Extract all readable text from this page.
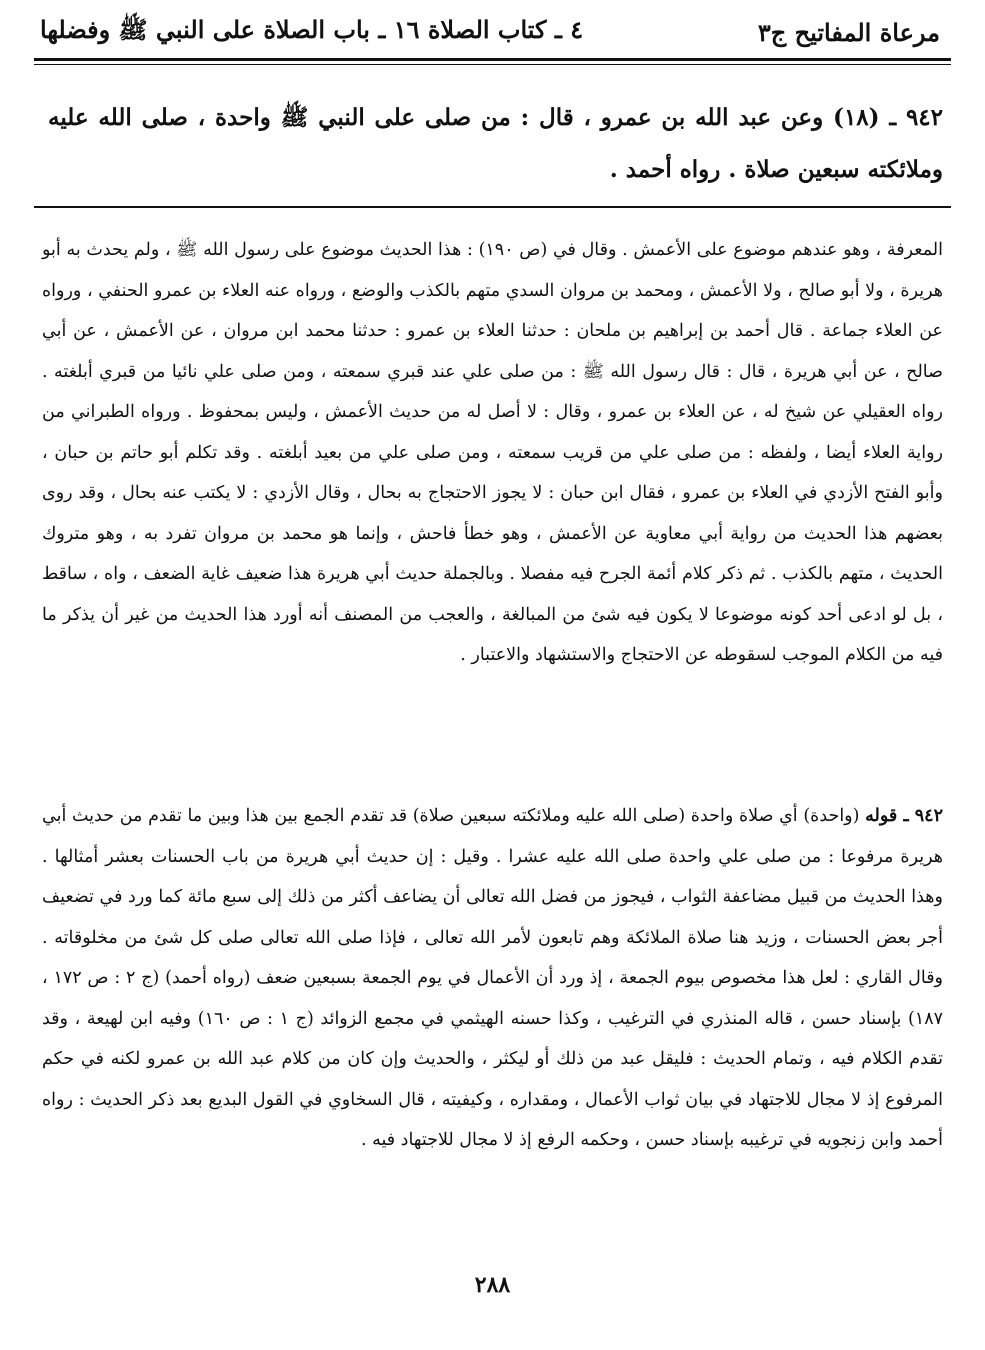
مرعاة المفاتيح ج٣
٤ ـ كتاب الصلاة ١٦ ـ باب الصلاة على النبي ﷺ وفضلها
٩٤٢ ـ (١٨) وعن عبد الله بن عمرو ، قال : من صلى على النبي ﷺ واحدة ، صلى الله عليه وملائكته سبعين صلاة . رواه أحمد .
المعرفة ، وهو عندهم موضوع على الأعمش . وقال في (ص ١٩٠) : هذا الحديث موضوع على رسول الله ﷺ ، ولم يحدث به أبو هريرة ، ولا أبو صالح ، ولا الأعمش ، ومحمد بن مروان السدي متهم بالكذب والوضع ، ورواه عنه العلاء بن عمرو الحنفي ، ورواه عن العلاء جماعة . قال أحمد بن إبراهيم بن ملحان : حدثنا العلاء بن عمرو : حدثنا محمد ابن مروان ، عن الأعمش ، عن أبي صالح ، عن أبي هريرة ، قال : قال رسول الله ﷺ : من صلى علي عند قبري سمعته ، ومن صلى علي نائيا من قبري أبلغته . رواه العقيلي عن شيخ له ، عن العلاء بن عمرو ، وقال : لا أصل له من حديث الأعمش ، وليس بمحفوظ . ورواه الطبراني من رواية العلاء أيضا ، ولفظه : من صلى علي من قريب سمعته ، ومن صلى علي من بعيد أبلغته . وقد تكلم أبو حاتم بن حبان ، وأبو الفتح الأزدي في العلاء بن عمرو ، فقال ابن حبان : لا يجوز الاحتجاج به بحال ، وقال الأزدي : لا يكتب عنه بحال ، وقد روى بعضهم هذا الحديث من رواية أبي معاوية عن الأعمش ، وهو خطأ فاحش ، وإنما هو محمد بن مروان تفرد به ، وهو متروك الحديث ، متهم بالكذب . ثم ذكر كلام أئمة الجرح فيه مفصلا . وبالجملة حديث أبي هريرة هذا ضعيف غاية الضعف ، واه ، ساقط ، بل لو ادعى أحد كونه موضوعا لا يكون فيه شئ من المبالغة ، والعجب من المصنف أنه أورد هذا الحديث من غير أن يذكر ما فيه من الكلام الموجب لسقوطه عن الاحتجاج والاستشهاد والاعتبار .
٩٤٢ ـ قوله (واحدة) أي صلاة واحدة (صلى الله عليه وملائكته سبعين صلاة) قد تقدم الجمع بين هذا وبين ما تقدم من حديث أبي هريرة مرفوعا : من صلى علي واحدة صلى الله عليه عشرا . وقيل : إن حديث أبي هريرة من باب الحسنات بعشر أمثالها . وهذا الحديث من قبيل مضاعفة الثواب ، فيجوز من فضل الله تعالى أن يضاعف أكثر من ذلك إلى سبع مائة كما ورد في تضعيف أجر بعض الحسنات ، وزيد هنا صلاة الملائكة وهم تابعون لأمر الله تعالى ، فإذا صلى الله تعالى صلى كل شئ من مخلوقاته . وقال القاري : لعل هذا مخصوص بيوم الجمعة ، إذ ورد أن الأعمال في يوم الجمعة بسبعين ضعف (رواه أحمد) (ج ٢ : ص ١٧٢ ، ١٨٧) بإسناد حسن ، قاله المنذري في الترغيب ، وكذا حسنه الهيثمي في مجمع الزوائد (ج ١ : ص ١٦٠) وفيه ابن لهيعة ، وقد تقدم الكلام فيه ، وتمام الحديث : فليقل عبد من ذلك أو ليكثر ، والحديث وإن كان من كلام عبد الله بن عمرو لكنه في حكم المرفوع إذ لا مجال للاجتهاد في بيان ثواب الأعمال ، ومقداره ، وكيفيته ، قال السخاوي في القول البديع بعد ذكر الحديث : رواه أحمد وابن زنجويه في ترغيبه بإسناد حسن ، وحكمه الرفع إذ لا مجال للاجتهاد فيه .
٢٨٨
